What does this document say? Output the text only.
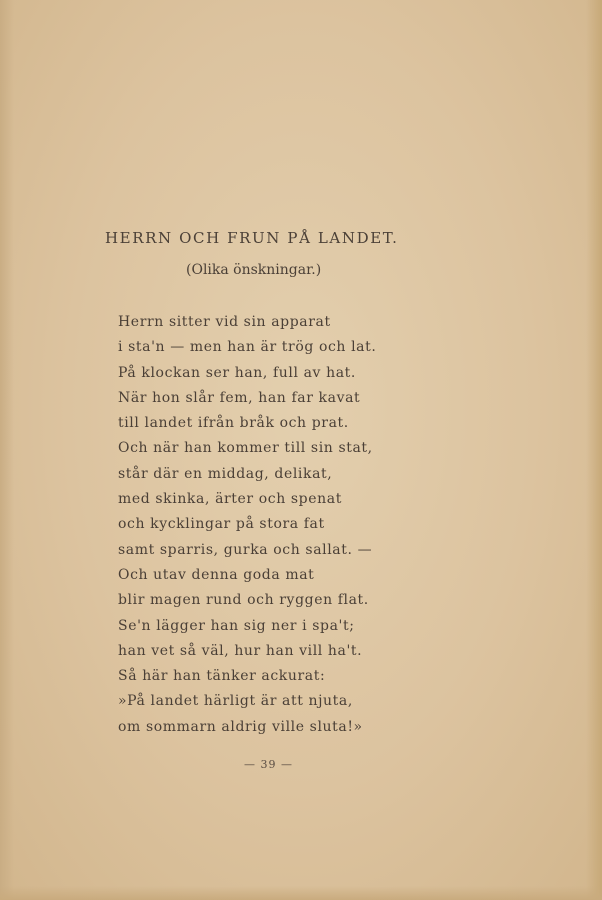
HERRN OCH FRUN PÅ LANDET.

(Olika önskningar.)

Herrn sitter vid sin apparat
i sta'n — men han är trög och lat.
På klockan ser han, full av hat.
När hon slår fem, han far kavat
till landet ifrån bråk och prat.
Och när han kommer till sin stat,
står där en middag, delikat,
med skinka, ärter och spenat
och kycklingar på stora fat
samt sparris, gurka och sallat. —
Och utav denna goda mat
blir magen rund och ryggen flat.
Se'n lägger han sig ner i spa't;
han vet så väl, hur han vill ha't.
Så här han tänker ackurat:
»På landet härligt är att njuta,
om sommarn aldrig ville sluta!»
— 39 —
